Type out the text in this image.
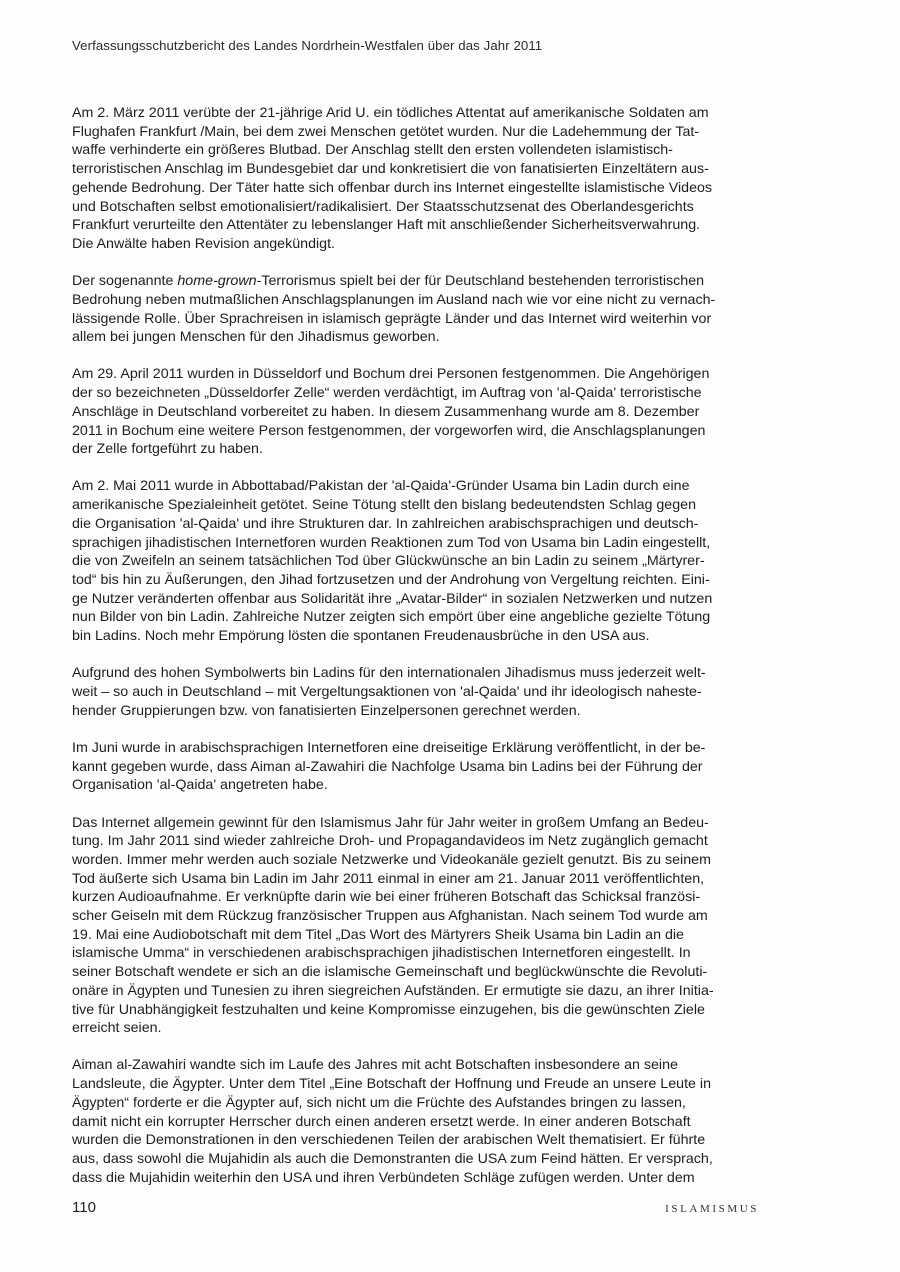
Verfassungsschutzbericht des Landes Nordrhein-Westfalen über das Jahr 2011

Am 2. März 2011 verübte der 21-jährige Arid U. ein tödliches Attentat auf amerikanische Soldaten am
Flughafen Frankfurt /Main, bei dem zwei Menschen getötet wurden. Nur die Ladehemmung der Tat-
waffe verhinderte ein größeres Blutbad. Der Anschlag stellt den ersten vollendeten islamistisch-
terroristischen Anschlag im Bundesgebiet dar und konkretisiert die von fanatisierten Einzeltätern aus-
gehende Bedrohung. Der Täter hatte sich offenbar durch ins Internet eingestellte islamistische Videos
und Botschaften selbst emotionalisiert/radikalisiert. Der Staatsschutzsenat des Oberlandesgerichts
Frankfurt verurteilte den Attentäter zu lebenslanger Haft mit anschließender Sicherheitsverwahrung.
Die Anwälte haben Revision angekündigt.

Der sogenannte home-grown-Terrorismus spielt bei der für Deutschland bestehenden terroristischen
Bedrohung neben mutmaßlichen Anschlagsplanungen im Ausland nach wie vor eine nicht zu vernach-
lässigende Rolle. Über Sprachreisen in islamisch geprägte Länder und das Internet wird weiterhin vor
allem bei jungen Menschen für den Jihadismus geworben.

Am 29. April 2011 wurden in Düsseldorf und Bochum drei Personen festgenommen. Die Angehörigen
der so bezeichneten „Düsseldorfer Zelle“ werden verdächtigt, im Auftrag von 'al-Qaida' terroristische
Anschläge in Deutschland vorbereitet zu haben. In diesem Zusammenhang wurde am 8. Dezember
2011 in Bochum eine weitere Person festgenommen, der vorgeworfen wird, die Anschlagsplanungen
der Zelle fortgeführt zu haben.

Am 2. Mai 2011 wurde in Abbottabad/Pakistan der 'al-Qaida'-Gründer Usama bin Ladin durch eine
amerikanische Spezialeinheit getötet. Seine Tötung stellt den bislang bedeutendsten Schlag gegen
die Organisation 'al-Qaida' und ihre Strukturen dar. In zahlreichen arabischsprachigen und deutsch-
sprachigen jihadistischen Internetforen wurden Reaktionen zum Tod von Usama bin Ladin eingestellt,
die von Zweifeln an seinem tatsächlichen Tod über Glückwünsche an bin Ladin zu seinem „Märtyrer-
tod“ bis hin zu Äußerungen, den Jihad fortzusetzen und der Androhung von Vergeltung reichten. Eini-
ge Nutzer veränderten offenbar aus Solidarität ihre „Avatar-Bilder“ in sozialen Netzwerken und nutzen
nun Bilder von bin Ladin. Zahlreiche Nutzer zeigten sich empört über eine angebliche gezielte Tötung
bin Ladins. Noch mehr Empörung lösten die spontanen Freudenausbrüche in den USA aus.

Aufgrund des hohen Symbolwerts bin Ladins für den internationalen Jihadismus muss jederzeit welt-
weit – so auch in Deutschland – mit Vergeltungsaktionen von 'al-Qaida' und ihr ideologisch naheste-
hender Gruppierungen bzw. von fanatisierten Einzelpersonen gerechnet werden.

Im Juni wurde in arabischsprachigen Internetforen eine dreiseitige Erklärung veröffentlicht, in der be-
kannt gegeben wurde, dass Aiman al-Zawahiri die Nachfolge Usama bin Ladins bei der Führung der
Organisation 'al-Qaida' angetreten habe.

Das Internet allgemein gewinnt für den Islamismus Jahr für Jahr weiter in großem Umfang an Bedeu-
tung. Im Jahr 2011 sind wieder zahlreiche Droh- und Propagandavideos im Netz zugänglich gemacht
worden. Immer mehr werden auch soziale Netzwerke und Videokanäle gezielt genutzt. Bis zu seinem
Tod äußerte sich Usama bin Ladin im Jahr 2011 einmal in einer am 21. Januar 2011 veröffentlichten,
kurzen Audioaufnahme. Er verknüpfte darin wie bei einer früheren Botschaft das Schicksal französi-
scher Geiseln mit dem Rückzug französischer Truppen aus Afghanistan. Nach seinem Tod wurde am
19. Mai eine Audiobotschaft mit dem Titel „Das Wort des Märtyrers Sheik Usama bin Ladin an die
islamische Umma“ in verschiedenen arabischsprachigen jihadistischen Internetforen eingestellt. In
seiner Botschaft wendete er sich an die islamische Gemeinschaft und beglückwünschte die Revoluti-
onäre in Ägypten und Tunesien zu ihren siegreichen Aufständen. Er ermutigte sie dazu, an ihrer Initia-
tive für Unabhängigkeit festzuhalten und keine Kompromisse einzugehen, bis die gewünschten Ziele
erreicht seien.

Aiman al-Zawahiri wandte sich im Laufe des Jahres mit acht Botschaften insbesondere an seine
Landsleute, die Ägypter. Unter dem Titel „Eine Botschaft der Hoffnung und Freude an unsere Leute in
Ägypten“ forderte er die Ägypter auf, sich nicht um die Früchte des Aufstandes bringen zu lassen,
damit nicht ein korrupter Herrscher durch einen anderen ersetzt werde. In einer anderen Botschaft
wurden die Demonstrationen in den verschiedenen Teilen der arabischen Welt thematisiert. Er führte
aus, dass sowohl die Mujahidin als auch die Demonstranten die USA zum Feind hätten. Er versprach,
dass die Mujahidin weiterhin den USA und ihren Verbündeten Schläge zufügen werden. Unter dem

110	ISLAMISMUS
